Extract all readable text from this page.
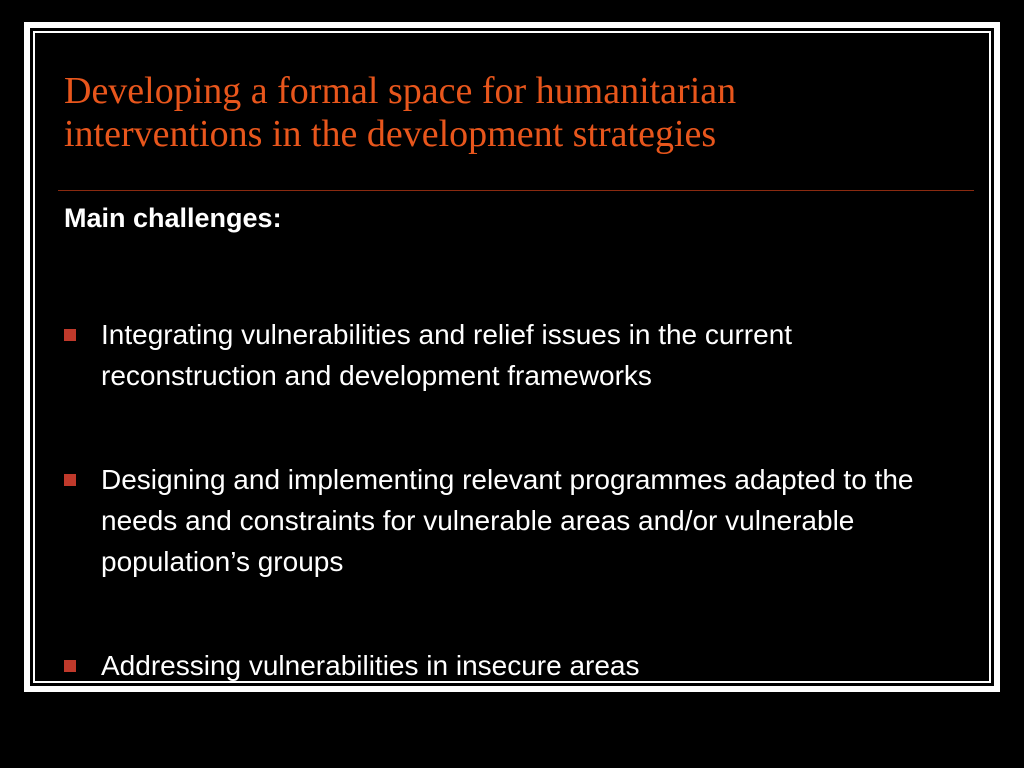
Developing a formal space for humanitarian
interventions in the development strategies

Main challenges:

Integrating vulnerabilities and relief issues in the current reconstruction and development frameworks
Designing and implementing relevant programmes adapted to the needs and constraints for vulnerable areas and/or vulnerable population’s groups
Addressing vulnerabilities in insecure areas
